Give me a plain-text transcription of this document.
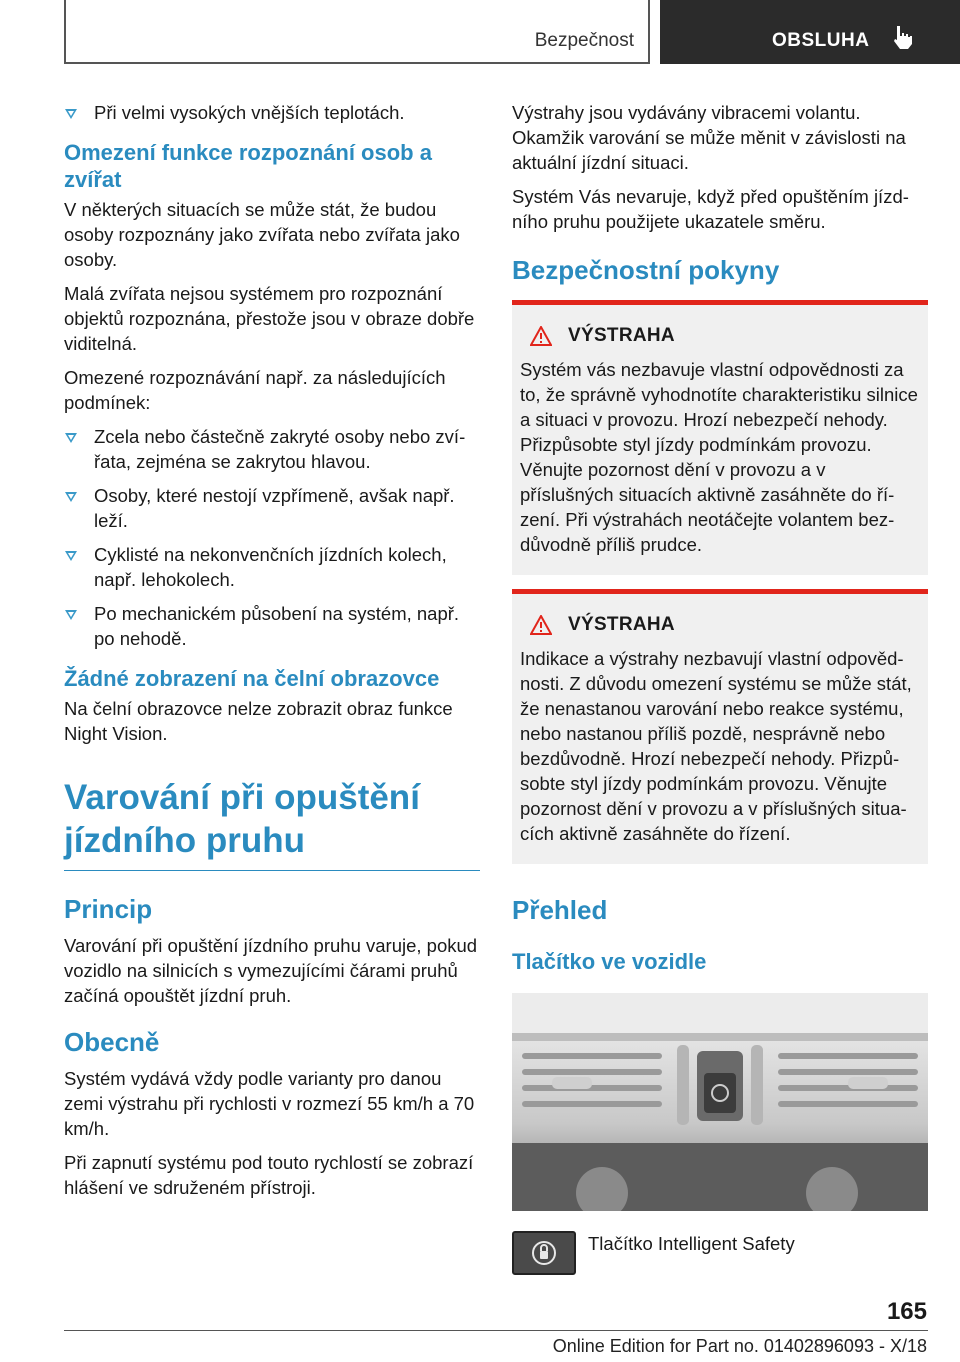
Bezpečnost	OBSLUHA
Při velmi vysokých vnějších teplotách.
Omezení funkce rozpoznání osob a zvířat

V některých situacích se může stát, že budou osoby rozpoznány jako zvířata nebo zvířata jako osoby.

Malá zvířata nejsou systémem pro rozpoznání objektů rozpoznána, přestože jsou v obraze dobře viditelná.

Omezené rozpoznávání např. za následujících podmínek:

Zcela nebo částečně zakryté osoby nebo zvířata, zejména se zakrytou hlavou.
Osoby, které nestojí vzpřímeně, avšak např. leží.
Cyklisté na nekonvenčních jízdních kolech, např. lehokolech.
Po mechanickém působení na systém, např. po nehodě.
Žádné zobrazení na čelní obrazovce

Na čelní obrazovce nelze zobrazit obraz funkce Night Vision.

Varování při opuštění jízdního pruhu
Princip

Varování při opuštění jízdního pruhu varuje, pokud vozidlo na silnicích s vymezujícími čárami pruhů začíná opouštět jízdní pruh.

Obecně

Systém vydává vždy podle varianty pro danou zemi výstrahu při rychlosti v rozmezí 55 km/h a 70 km/h.

Při zapnutí systému pod touto rychlostí se zobrazí hlášení ve sdruženém přístroji.

Výstrahy jsou vydávány vibracemi volantu. Okamžik varování se může měnit v závislosti na aktuální jízdní situaci.

Systém Vás nevaruje, když před opuštěním jízdního pruhu použijete ukazatele směru.

Bezpečnostní pokyny
VÝSTRAHA

Systém vás nezbavuje vlastní odpovědnosti za to, že správně vyhodnotíte charakteristiku silnice a situaci v provozu. Hrozí nebezpečí nehody. Přizpůsobte styl jízdy podmínkám provozu. Věnujte pozornost dění v provozu a v příslušných situacích aktivně zasáhněte do řízení. Při výstrahách neotáčejte volantem bezdůvodně příliš prudce.

VÝSTRAHA

Indikace a výstrahy nezbavují vlastní odpovědnosti. Z důvodu omezení systému se může stát, že nenastanou varování nebo reakce systému, nebo nastanou příliš pozdě, nesprávně nebo bezdůvodně. Hrozí nebezpečí nehody. Přizpůsobte styl jízdy podmínkám provozu. Věnujte pozornost dění v provozu a v příslušných situacích aktivně zasáhněte do řízení.

Přehled
Tlačítko ve vozidle
Tlačítko Intelligent Safety
165
Online Edition for Part no. 01402896093 - X/18
